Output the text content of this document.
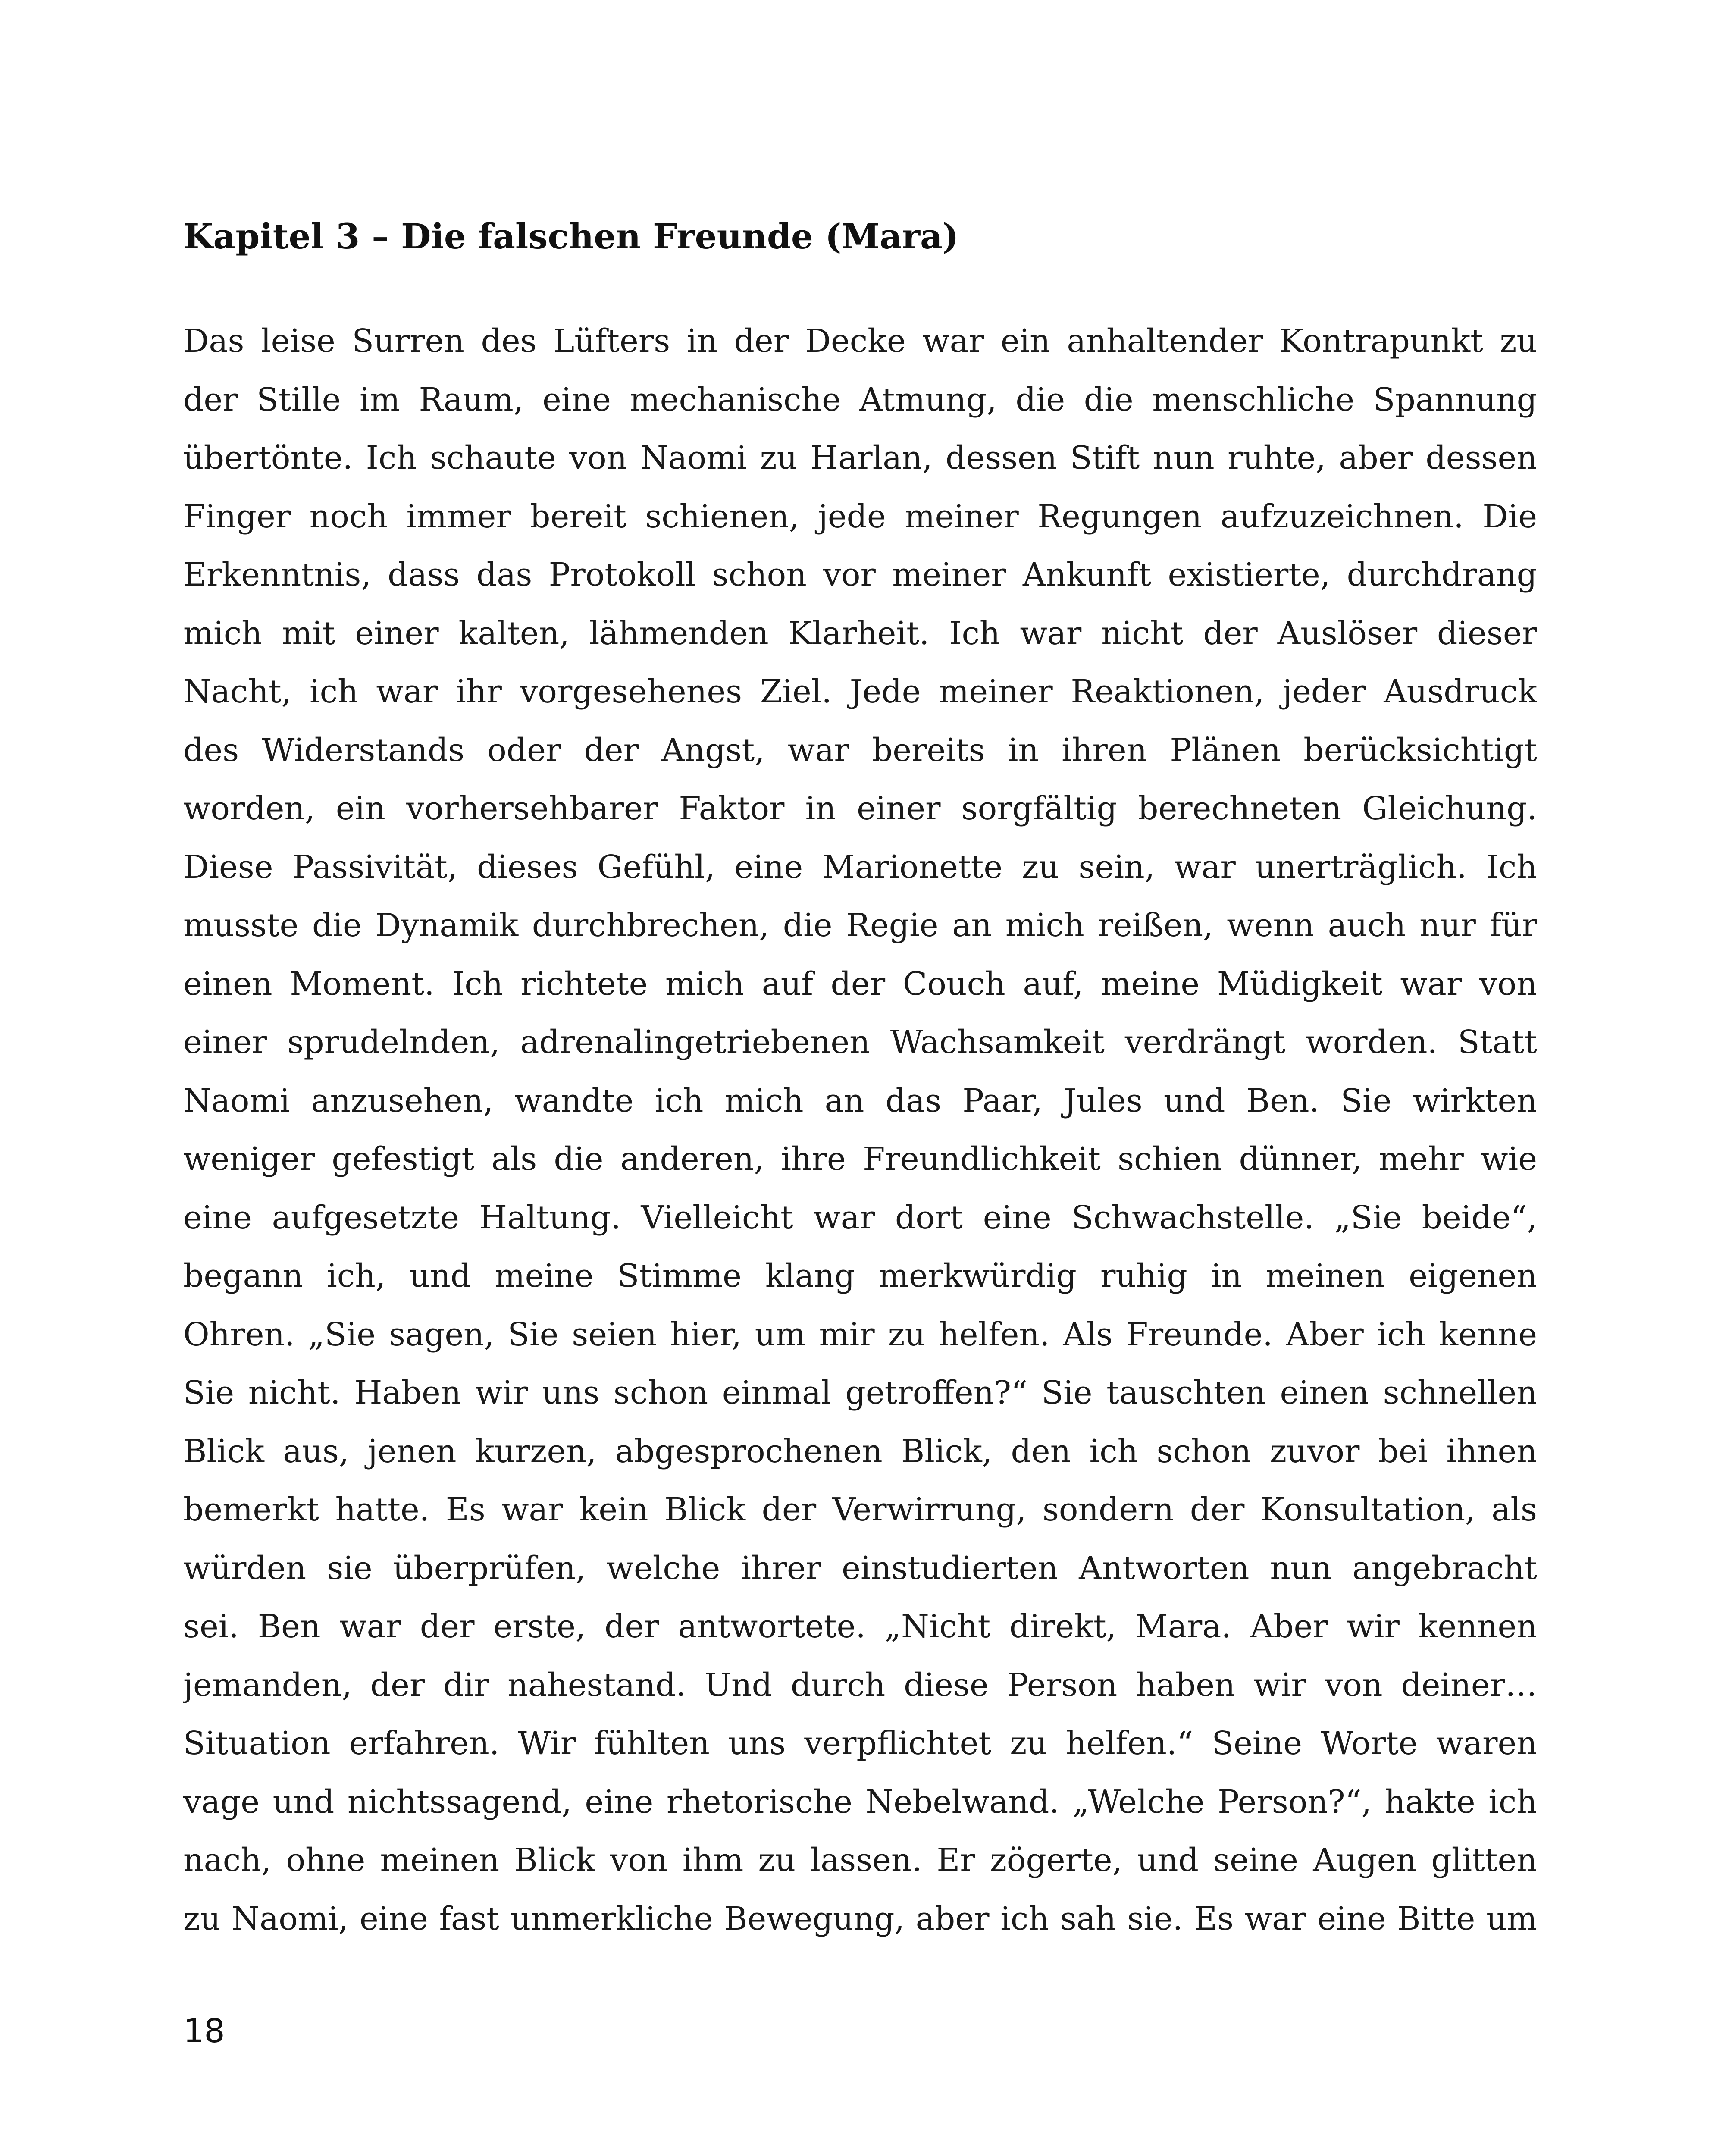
Kapitel 3 – Die falschen Freunde (Mara)
Das leise Surren des Lüfters in der Decke war ein anhaltender Kontrapunkt zu
der Stille im Raum, eine mechanische Atmung, die die menschliche Spannung
übertönte. Ich schaute von Naomi zu Harlan, dessen Stift nun ruhte, aber dessen
Finger noch immer bereit schienen, jede meiner Regungen aufzuzeichnen. Die
Erkenntnis, dass das Protokoll schon vor meiner Ankunft existierte, durchdrang
mich mit einer kalten, lähmenden Klarheit. Ich war nicht der Auslöser dieser
Nacht, ich war ihr vorgesehenes Ziel. Jede meiner Reaktionen, jeder Ausdruck
des Widerstands oder der Angst, war bereits in ihren Plänen berücksichtigt
worden, ein vorhersehbarer Faktor in einer sorgfältig berechneten Gleichung.
Diese Passivität, dieses Gefühl, eine Marionette zu sein, war unerträglich. Ich
musste die Dynamik durchbrechen, die Regie an mich reißen, wenn auch nur für
einen Moment. Ich richtete mich auf der Couch auf, meine Müdigkeit war von
einer sprudelnden, adrenalingetriebenen Wachsamkeit verdrängt worden. Statt
Naomi anzusehen, wandte ich mich an das Paar, Jules und Ben. Sie wirkten
weniger gefestigt als die anderen, ihre Freundlichkeit schien dünner, mehr wie
eine aufgesetzte Haltung. Vielleicht war dort eine Schwachstelle. „Sie beide“,
begann ich, und meine Stimme klang merkwürdig ruhig in meinen eigenen
Ohren. „Sie sagen, Sie seien hier, um mir zu helfen. Als Freunde. Aber ich kenne
Sie nicht. Haben wir uns schon einmal getroffen?“ Sie tauschten einen schnellen
Blick aus, jenen kurzen, abgesprochenen Blick, den ich schon zuvor bei ihnen
bemerkt hatte. Es war kein Blick der Verwirrung, sondern der Konsultation, als
würden sie überprüfen, welche ihrer einstudierten Antworten nun angebracht
sei. Ben war der erste, der antwortete. „Nicht direkt, Mara. Aber wir kennen
jemanden, der dir nahestand. Und durch diese Person haben wir von deiner…
Situation erfahren. Wir fühlten uns verpflichtet zu helfen.“ Seine Worte waren
vage und nichtssagend, eine rhetorische Nebelwand. „Welche Person?“, hakte ich
nach, ohne meinen Blick von ihm zu lassen. Er zögerte, und seine Augen glitten
zu Naomi, eine fast unmerkliche Bewegung, aber ich sah sie. Es war eine Bitte um
18
